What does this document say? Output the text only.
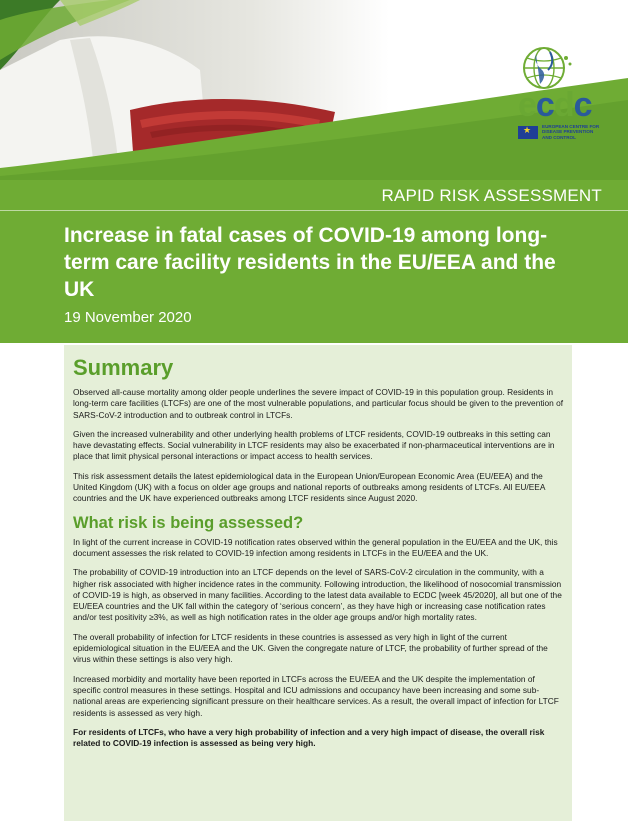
ecdc
★
EUROPEAN CENTRE FOR
DISEASE PREVENTION
AND CONTROL
RAPID RISK ASSESSMENT
Increase in fatal cases of COVID-19 among long-term care facility residents in the EU/EEA and the UK
19 November 2020
Summary

Observed all-cause mortality among older people underlines the severe impact of COVID-19 in this population group. Residents in long-term care facilities (LTCFs) are one of the most vulnerable populations, and particular focus should be given to the prevention of SARS-CoV-2 introduction and to outbreak control in LTCFs.

Given the increased vulnerability and other underlying health problems of LTCF residents, COVID-19 outbreaks in this setting can have devastating effects. Social vulnerability in LTCF residents may also be exacerbated if non-pharmaceutical interventions are in place that limit physical personal interactions or impact access to health services.

This risk assessment details the latest epidemiological data in the European Union/European Economic Area (EU/EEA) and the United Kingdom (UK) with a focus on older age groups and national reports of outbreaks among residents of LTCFs. All EU/EEA countries and the UK have experienced outbreaks among LTCF residents since August 2020.

What risk is being assessed?

In light of the current increase in COVID-19 notification rates observed within the general population in the EU/EEA and the UK, this document assesses the risk related to COVID-19 infection among residents in LTCFs in the EU/EEA and the UK.

The probability of COVID-19 introduction into an LTCF depends on the level of SARS-CoV-2 circulation in the community, with a higher risk associated with higher incidence rates in the community. Following introduction, the likelihood of nosocomial transmission of COVID-19 is high, as observed in many facilities. According to the latest data available to ECDC [week 45/2020], all but one of the EU/EEA countries and the UK fall within the category of ‘serious concern’, as they have high or increasing case notification rates and/or test positivity ≥3%, as well as high notification rates in the older age groups and/or high mortality rates.

The overall probability of infection for LTCF residents in these countries is assessed as very high in light of the current epidemiological situation in the EU/EEA and the UK. Given the congregate nature of LTCF, the probability of further spread of the virus within these settings is also very high.

Increased morbidity and mortality have been reported in LTCFs across the EU/EEA and the UK despite the implementation of specific control measures in these settings. Hospital and ICU admissions and occupancy have been increasing and some sub-national areas are experiencing significant pressure on their healthcare services. As a result, the overall impact of infection for LTCF residents is assessed as very high.

For residents of LTCFs, who have a very high probability of infection and a very high impact of disease, the overall risk related to COVID-19 infection is assessed as being very high.
